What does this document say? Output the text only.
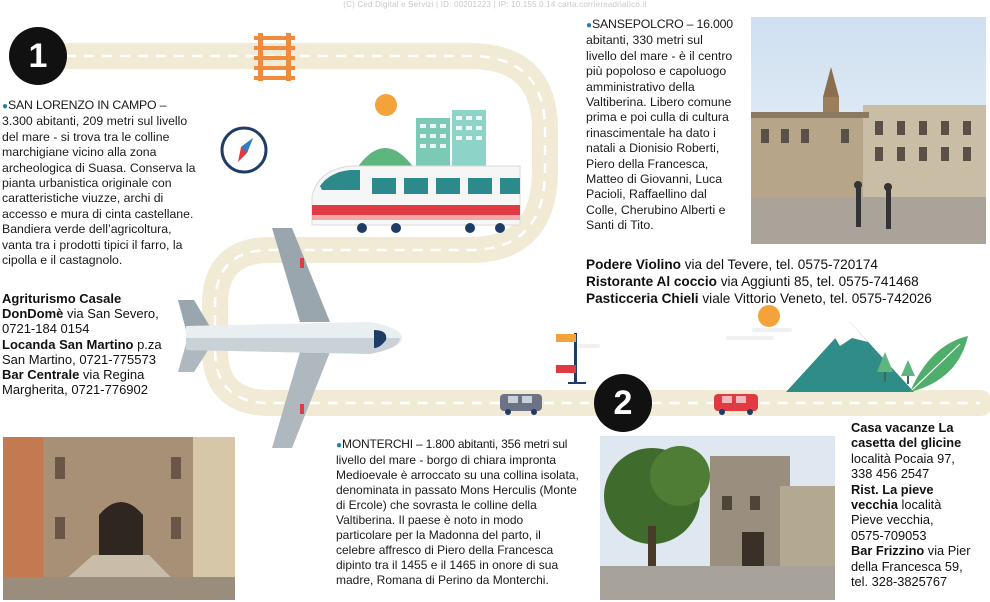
(C) Ced Digital e Servizi | ID: 00201223 | IP: 10.155.0.14 carta.corriereadriatico.it
1
2
●SAN LORENZO IN CAMPO –
3.300 abitanti, 209 metri sul livello
del mare - si trova tra le colline
marchigiane vicino alla zona
archeologica di Suasa. Conserva la
pianta urbanistica originale con
caratteristiche viuzze, archi di
accesso e mura di cinta castellane.
Bandiera verde dell’agricoltura,
vanta tra i prodotti tipici il farro, la
cipolla e il castagnolo.
Agriturismo Casale
DonDomè via San Severo,
0721-184 0154
Locanda San Martino p.za
San Martino, 0721-775573
Bar Centrale via Regina
Margherita, 0721-776902
●SANSEPOLCRO – 16.000
abitanti, 330 metri sul
livello del mare - è il centro
più popoloso e capoluogo
amministrativo della
Valtiberina. Libero comune
prima e poi culla di cultura
rinascimentale ha dato i
natali a Dionisio Roberti,
Piero della Francesca,
Matteo di Giovanni, Luca
Pacioli, Raffaellino dal
Colle, Cherubino Alberti e
Santi di Tito.
Podere Violino via del Tevere, tel. 0575-720174
Ristorante Al coccio via Aggiunti 85, tel. 0575-741468
Pasticceria Chieli viale Vittorio Veneto, tel. 0575-742026
●MONTERCHI – 1.800 abitanti, 356 metri sul
livello del mare - borgo di chiara impronta
Medioevale è arroccato su una collina isolata,
denominata in passato Mons Herculis (Monte
di Ercole) che sovrasta le colline della
Valtiberina. Il paese è noto in modo
particolare per la Madonna del parto, il
celebre affresco di Piero della Francesca
dipinto tra il 1455 e il 1465 in onore di sua
madre, Romana di Perino da Monterchi.
Casa vacanze La
casetta del glicine
località Pocaia 97,
338 456 2547
Rist. La pieve
vecchia località
Pieve vecchia,
0575-709053
Bar Frizzino via Pier
della Francesca 59,
tel. 328-3825767
